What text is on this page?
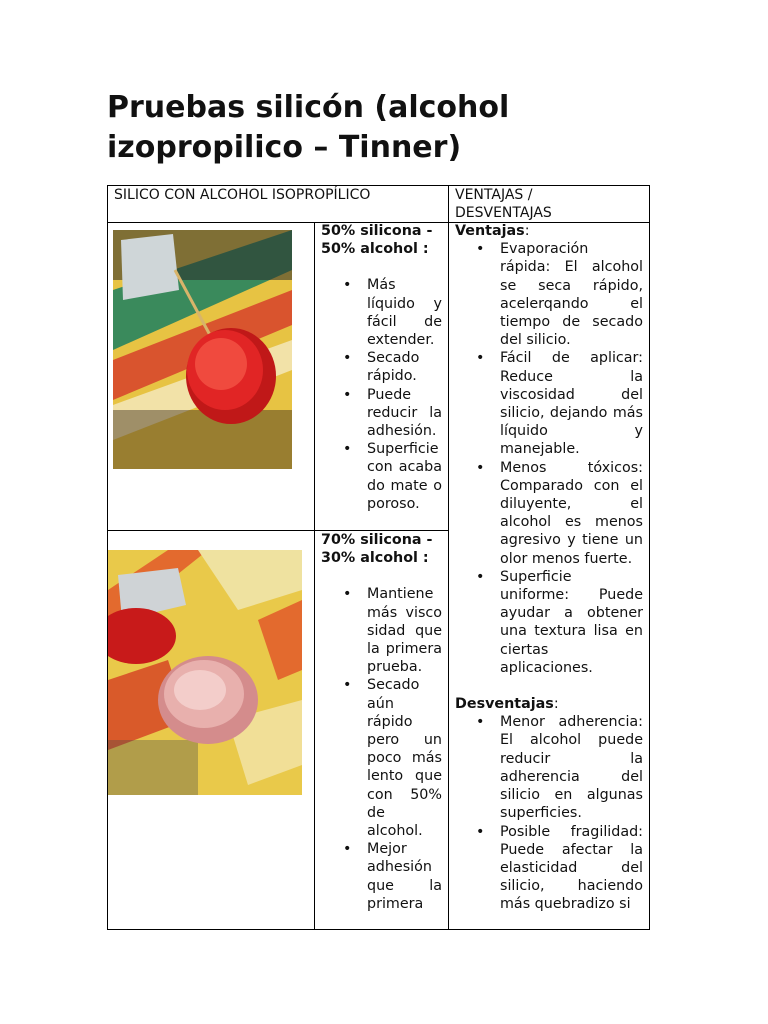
Pruebas silicón (alcohol
izopropilico – Tinner)
SILICO CON ALCOHOL ISOPROPÍLICO	VENTAJAS / DESVENTAJAS
50% silicona - 50% alcohol :
• Más líquido y fácil de extender.
• Secado rápido.
• Puede reducir la adhesión.
• Superficie con acabado mate o poroso.
70% silicona - 30% alcohol :
• Mantiene más viscosidad que la primera prueba.
• Secado aún rápido pero un poco más lento que con 50% de alcohol.
• Mejor adhesión que la primera
Ventajas:
• Evaporación rápida: El alcohol se seca rápido, acelerqando el tiempo de secado del silicio.
• Fácil de aplicar: Reduce la viscosidad del silicio, dejando más líquido y manejable.
• Menos tóxicos: Comparado con el diluyente, el alcohol es menos agresivo y tiene un olor menos fuerte.
• Superficie uniforme: Puede ayudar a obtener una textura lisa en ciertas aplicaciones.
Desventajas:
• Menor adherencia: El alcohol puede reducir la adherencia del silicio en algunas superficies.
• Posible fragilidad: Puede afectar la elasticidad del silicio, haciendo más quebradizo si
